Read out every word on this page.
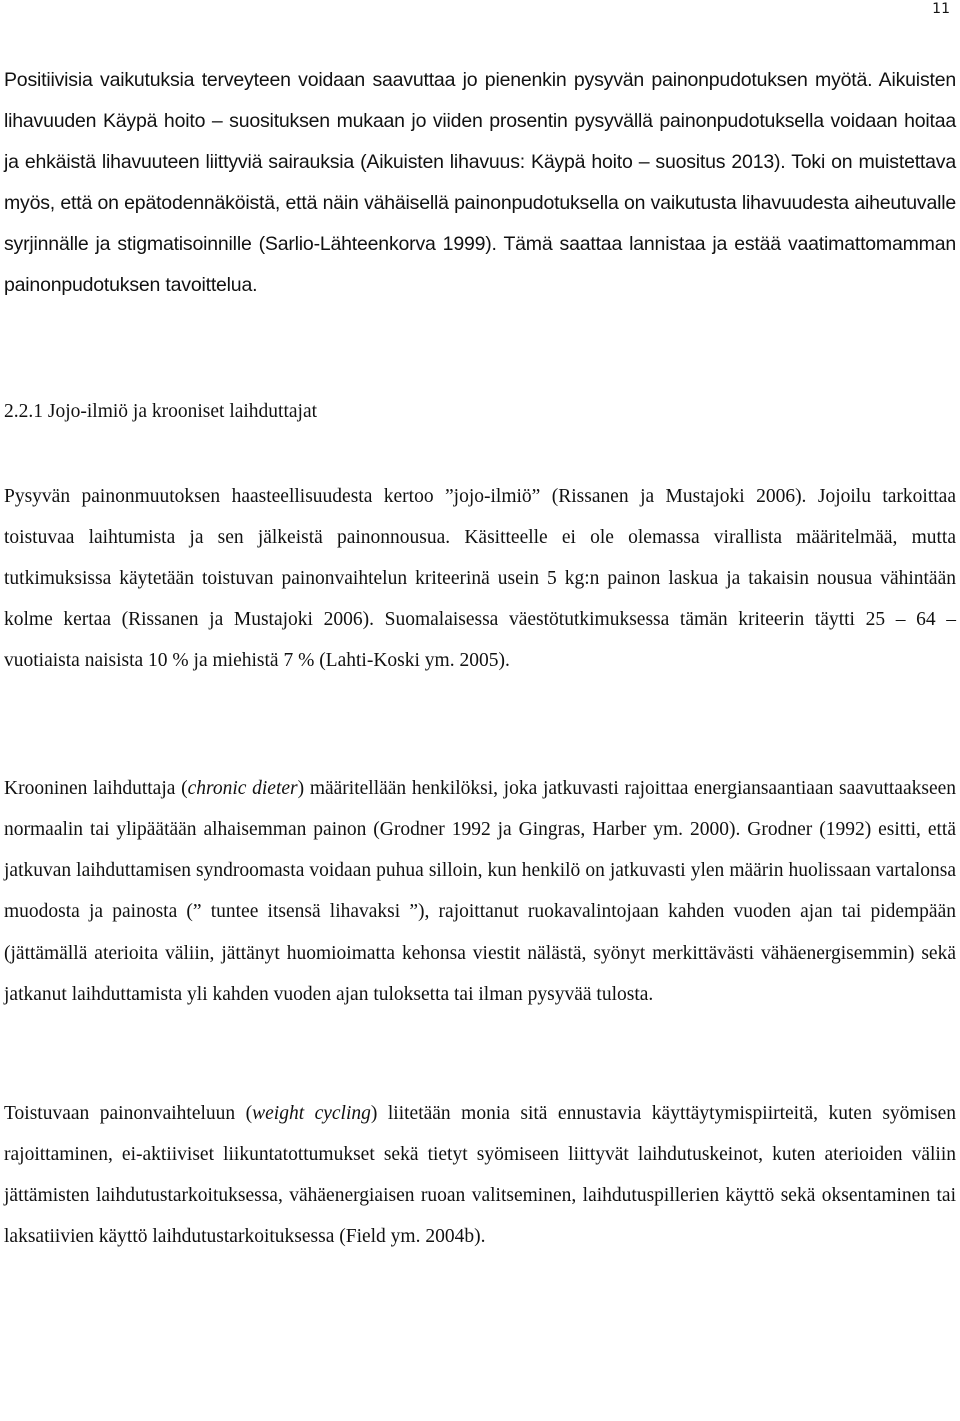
11

Positiivisia vaikutuksia terveyteen voidaan saavuttaa jo pienenkin pysyvän painonpudotuksen myötä. Aikuisten lihavuuden Käypä hoito – suosituksen mukaan jo viiden prosentin pysyvällä painonpudotuksella voidaan hoitaa ja ehkäistä lihavuuteen liittyviä sairauksia (Aikuisten lihavuus: Käypä hoito – suositus 2013). Toki on muistettava myös, että on epätodennäköistä, että näin vähäisellä painonpudotuksella on vaikutusta lihavuudesta aiheutuvalle syrjinnälle ja stigmatisoinnille (Sarlio-Lähteenkorva 1999). Tämä saattaa lannistaa ja estää vaatimattomamman painonpudotuksen tavoittelua.

2.2.1 Jojo-ilmiö ja krooniset laihduttajat

Pysyvän painonmuutoksen haasteellisuudesta kertoo ”jojo-ilmiö” (Rissanen ja Mustajoki 2006). Jojoilu tarkoittaa toistuvaa laihtumista ja sen jälkeistä painonnousua. Käsitteelle ei ole olemassa virallista määritelmää, mutta tutkimuksissa käytetään toistuvan painonvaihtelun kriteerinä usein 5 kg:n painon laskua ja takaisin nousua vähintään kolme kertaa (Rissanen ja Mustajoki 2006). Suomalaisessa väestötutkimuksessa tämän kriteerin täytti 25 – 64 – vuotiaista naisista 10 % ja miehistä 7 % (Lahti-Koski ym. 2005).

Krooninen laihduttaja (chronic dieter) määritellään henkilöksi, joka jatkuvasti rajoittaa energiansaantiaan saavuttaakseen normaalin tai ylipäätään alhaisemman painon (Grodner 1992 ja Gingras, Harber ym. 2000). Grodner (1992) esitti, että jatkuvan laihduttamisen syndroomasta voidaan puhua silloin, kun henkilö on jatkuvasti ylen määrin huolissaan vartalonsa muodosta ja painosta (” tuntee itsensä lihavaksi ”), rajoittanut ruokavalintojaan kahden vuoden ajan tai pidempään (jättämällä aterioita väliin, jättänyt huomioimatta kehonsa viestit nälästä, syönyt merkittävästi vähäenergisemmin) sekä jatkanut laihduttamista yli kahden vuoden ajan tuloksetta tai ilman pysyvää tulosta.

Toistuvaan painonvaihteluun (weight cycling) liitetään monia sitä ennustavia käyttäytymispiirteitä, kuten syömisen rajoittaminen, ei-aktiiviset liikuntatottumukset sekä tietyt syömiseen liittyvät laihdutuskeinot, kuten aterioiden väliin jättämisten laihdutustarkoituksessa, vähäenergiaisen ruoan valitseminen, laihdutuspillerien käyttö sekä oksentaminen tai laksatiivien käyttö laihdutustarkoituksessa (Field ym. 2004b).
